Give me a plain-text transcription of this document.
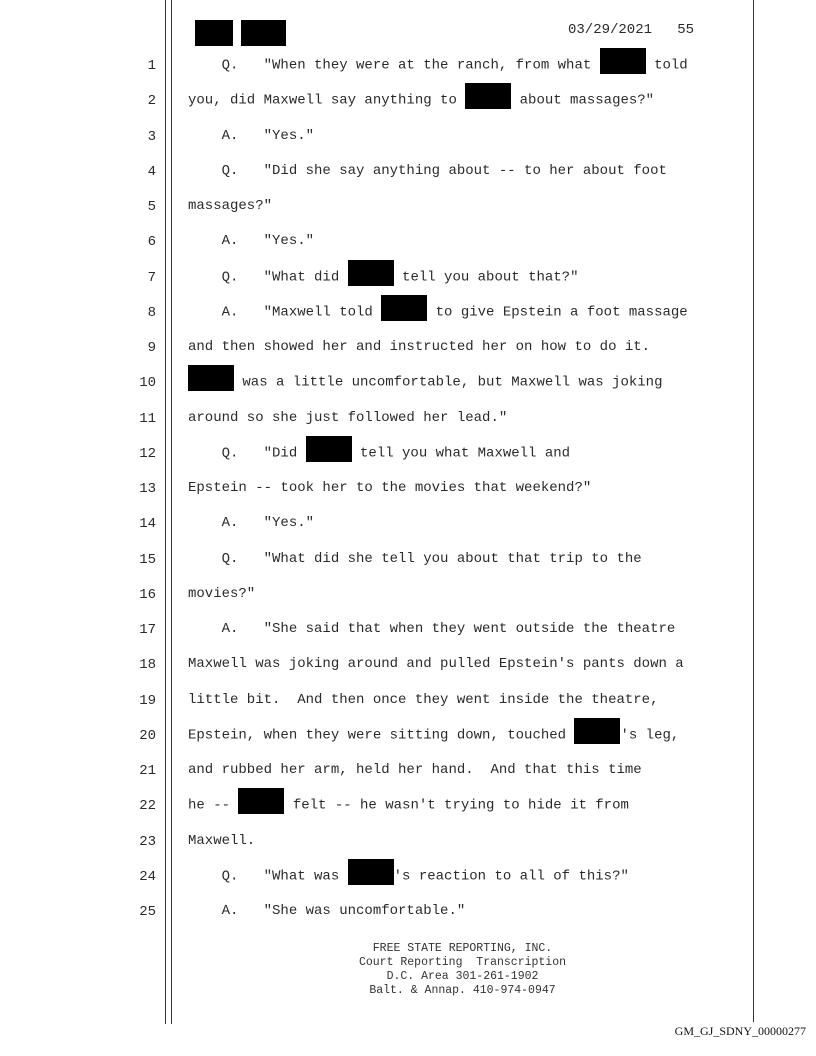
03/29/2021 55
1 Q.   "When they were at the ranch, from what	told
2 you, did Maxwell say anything to	about massages?"
3 A.   "Yes."
4 Q.   "Did she say anything about -- to her about foot
5 massages?"
6 A.   "Yes."
7 Q.   "What did	tell you about that?"
8 A.   "Maxwell told	to give Epstein a foot massage
9 and then showed her and instructed her on how to do it.
10	was a little uncomfortable, but Maxwell was joking
11 around so she just followed her lead."
12 Q.   "Did	tell you what Maxwell and
13 Epstein -- took her to the movies that weekend?"
14 A.   "Yes."
15 Q.   "What did she tell you about that trip to the
16 movies?"
17 A.   "She said that when they went outside the theatre
18 Maxwell was joking around and pulled Epstein's pants down a
19 little bit.  And then once they went inside the theatre,
20 Epstein, when they were sitting down, touched	's leg,
21 and rubbed her arm, held her hand.  And that this time
22 he --	felt -- he wasn't trying to hide it from
23 Maxwell.
24 Q.   "What was	's reaction to all of this?"
25 A.   "She was uncomfortable."
FREE STATE REPORTING, INC.
Court Reporting  Transcription
D.C. Area 301-261-1902
Balt. & Annap. 410-974-0947
GM_GJ_SDNY_00000277
